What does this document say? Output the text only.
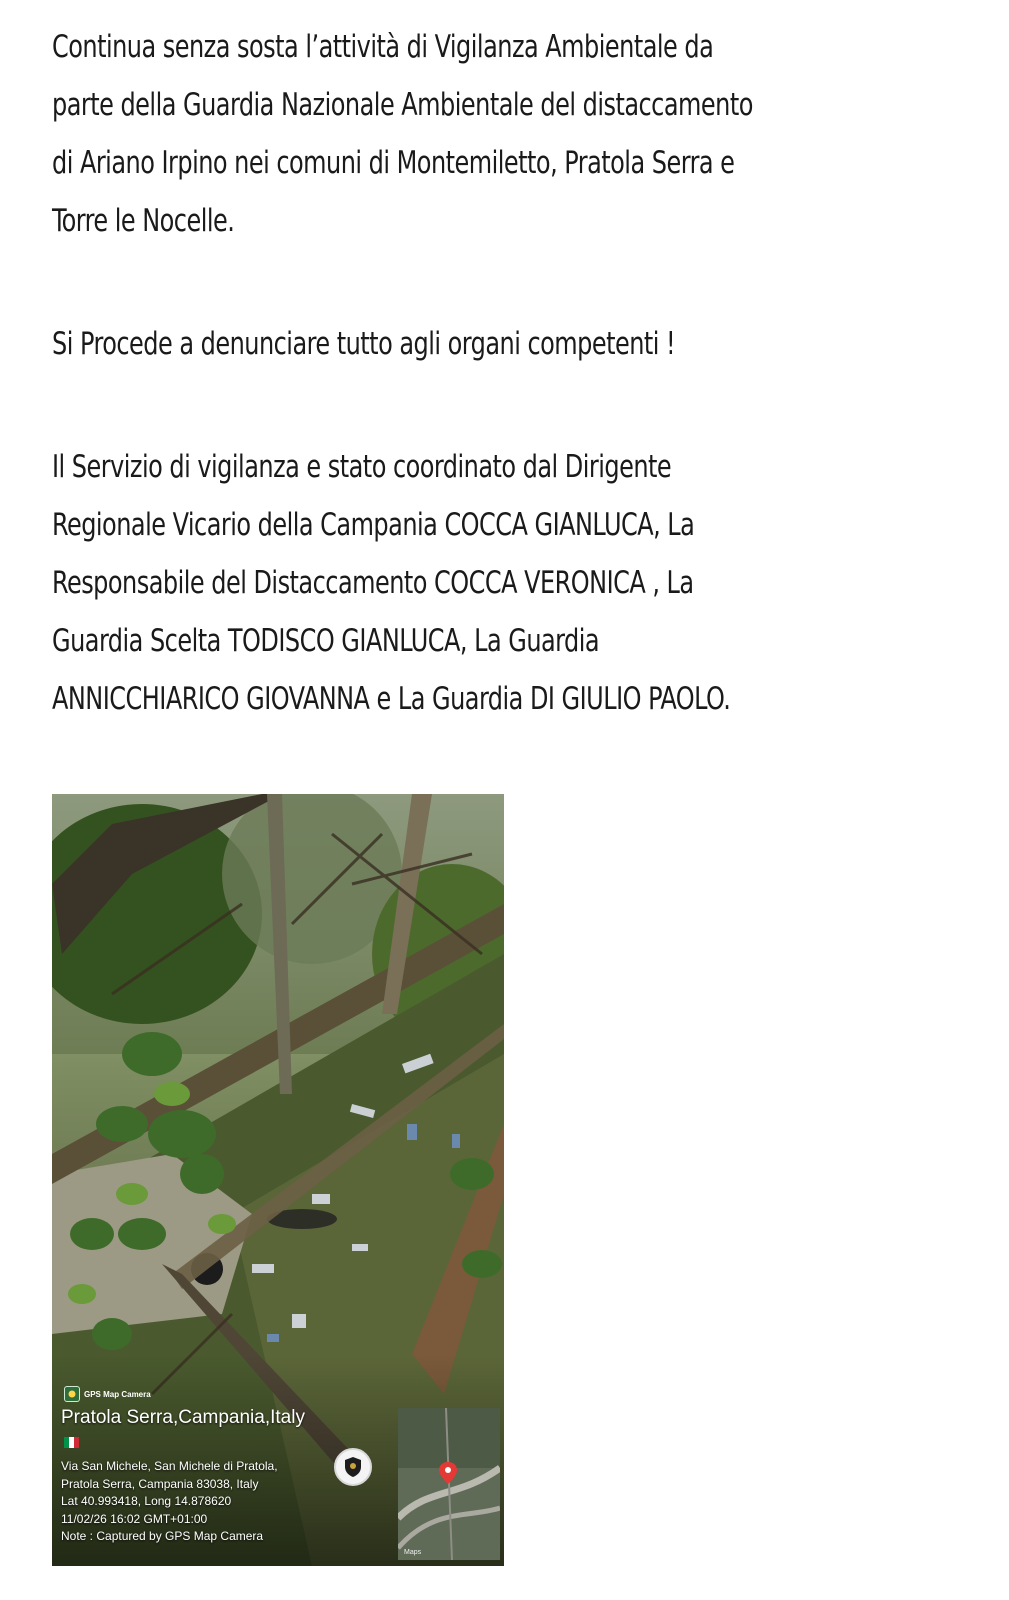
Continua senza sosta l’attività di Vigilanza Ambientale da
parte della Guardia Nazionale Ambientale del distaccamento
di Ariano Irpino nei comuni di Montemiletto, Pratola Serra e
Torre le Nocelle.
Si Procede a denunciare tutto agli organi competenti !
Il Servizio di vigilanza e stato coordinato dal Dirigente
Regionale Vicario della Campania COCCA GIANLUCA, La
Responsabile del Distaccamento COCCA VERONICA , La
Guardia Scelta TODISCO GIANLUCA, La Guardia
ANNICCHIARICO GIOVANNA e La Guardia DI GIULIO PAOLO.
GPS Map Camera
Pratola Serra,Campania,Italy
Via San Michele, San Michele di Pratola,
Pratola Serra, Campania 83038, Italy
Lat 40.993418, Long 14.878620
11/02/26 16:02 GMT+01:00
Note : Captured by GPS Map Camera
Maps
